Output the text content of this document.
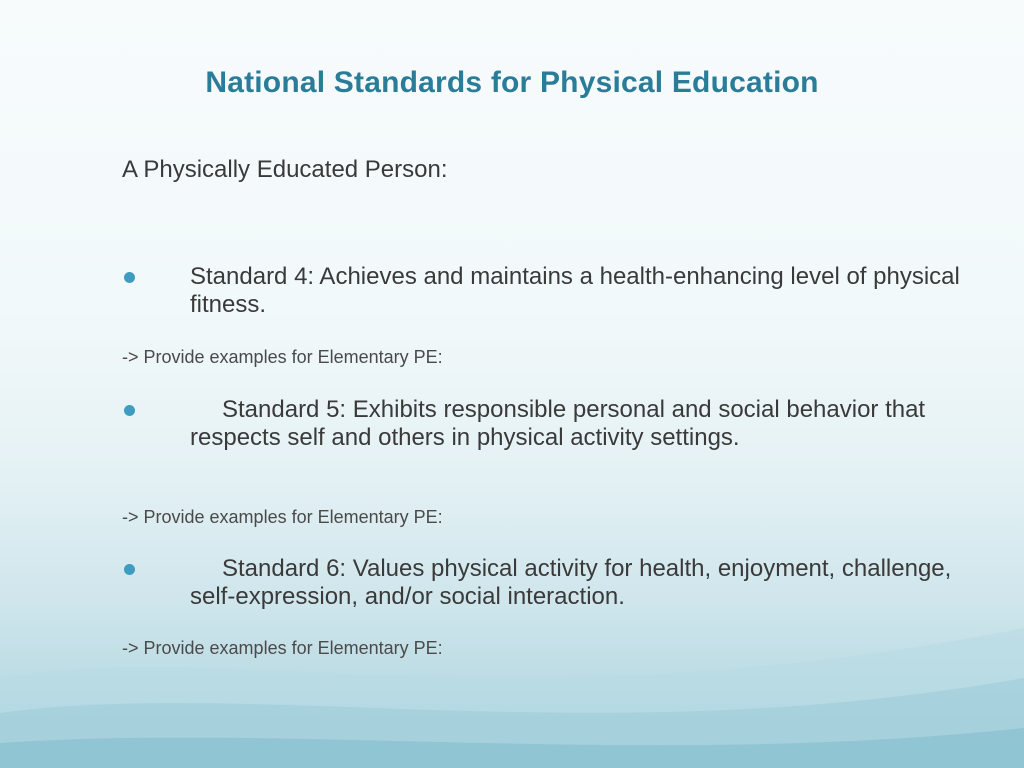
National Standards for Physical Education
A Physically Educated Person:
Standard 4: Achieves and maintains a health-enhancing level of physical fitness.
-> Provide examples for Elementary PE:
Standard 5: Exhibits responsible personal and social behavior that respects self and others in physical activity settings.
-> Provide examples for Elementary PE:
Standard 6: Values physical activity for health, enjoyment, challenge, self-expression, and/or social interaction.
-> Provide examples for Elementary PE:
